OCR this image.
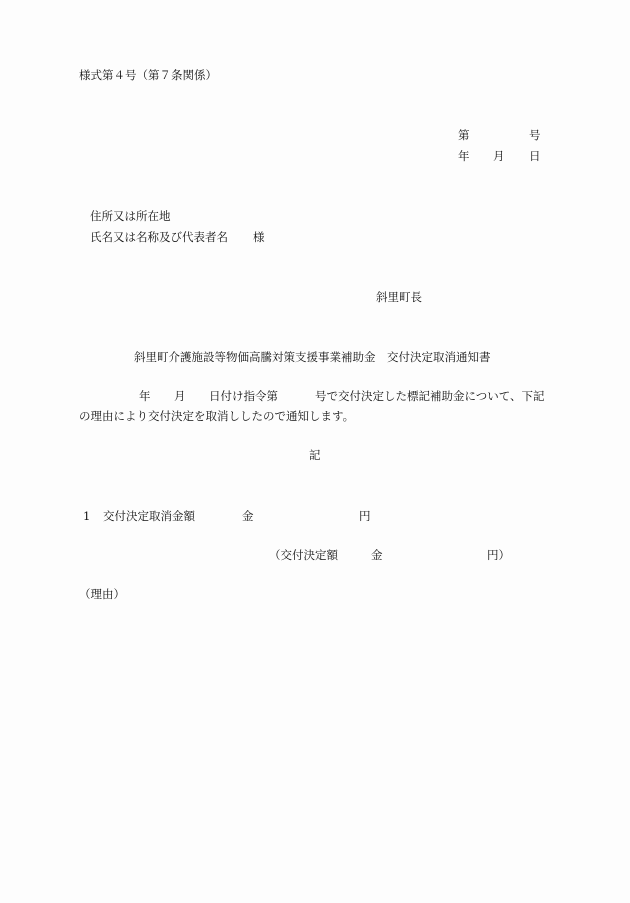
様式第４号（第７条関係）
第	号
年 月 日
住所又は所在地
氏名又は名称及び代表者名 様
斜里町長
斜里町介護施設等物価高騰対策支援事業補助金　交付決定取消通知書
年 月 日付け指令第	号で交付決定した標記補助金について、下記
の理由により交付決定を取消ししたので通知します。
記
1 交付決定取消金額	金	円
（交付決定額	金	円）
（理由）
